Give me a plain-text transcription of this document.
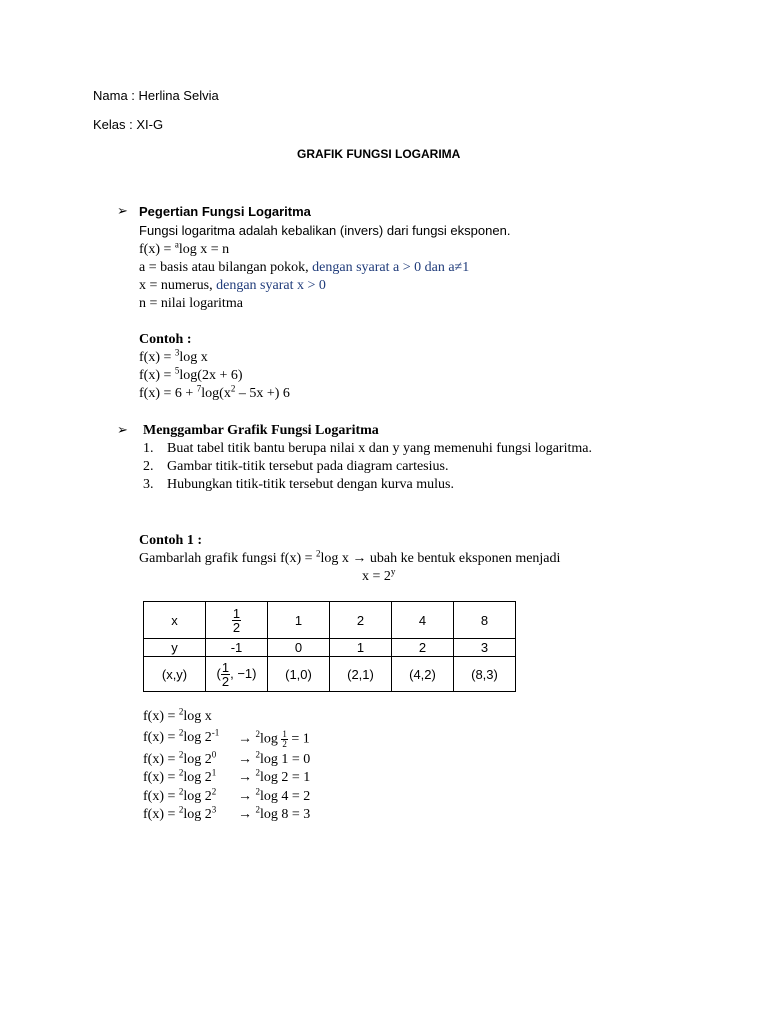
Nama : Herlina Selvia
Kelas : XI-G
GRAFIK FUNGSI LOGARIMA
➢ Pegertian Fungsi Logaritma
Fungsi logaritma adalah kebalikan (invers) dari fungsi eksponen.
f(x) = $^a$log x = n
a = basis atau bilangan pokok, dengan syarat a > 0 dan a≠1
x = numerus, dengan syarat x > 0
n = nilai logaritma
Contoh :
f(x) = $^3$log x
f(x) = $^5$log(2x + 6)
$f(x) = 6 + ^7\log(x^2 - 5x$ +) 6
➢ Menggambar Grafik Fungsi Logaritma
1. Buat tabel titik bantu berupa nilai x dan y yang memenuhi fungsi logaritma.
2. Gambar titik-titik tersebut pada diagram cartesius.
3. Hubungkan titik-titik tersebut dengan kurva mulus.
Contoh 1 :
Gambarlah grafik fungsi f(x) = $^2$log x → ubah ke bentuk eksponen menjadi
$x = 2^y$
x	$\frac{1}{2}$	1	2	4	8
y	-1	0	1	2	3
(x,y)	( $\frac{1}{2}$ , −1)	(1,0)	(2,1)	(4,2)	(8,3)
f(x) = $^2$log x
f(x) = $^2$log $2^{-1} \to ^2\log \frac{1}{2} = 1$
f(x) = $^2$log $2^0 \to ^2\log$ 1 = 0
f(x) = $^2$log $2^1 \to ^2\log$ 2 = 1
f(x) = $^2$log $2^2 \to ^2\log$ 4 = 2
f(x) = $^2$log $2^3 \to ^2\log$ 8 = 3
